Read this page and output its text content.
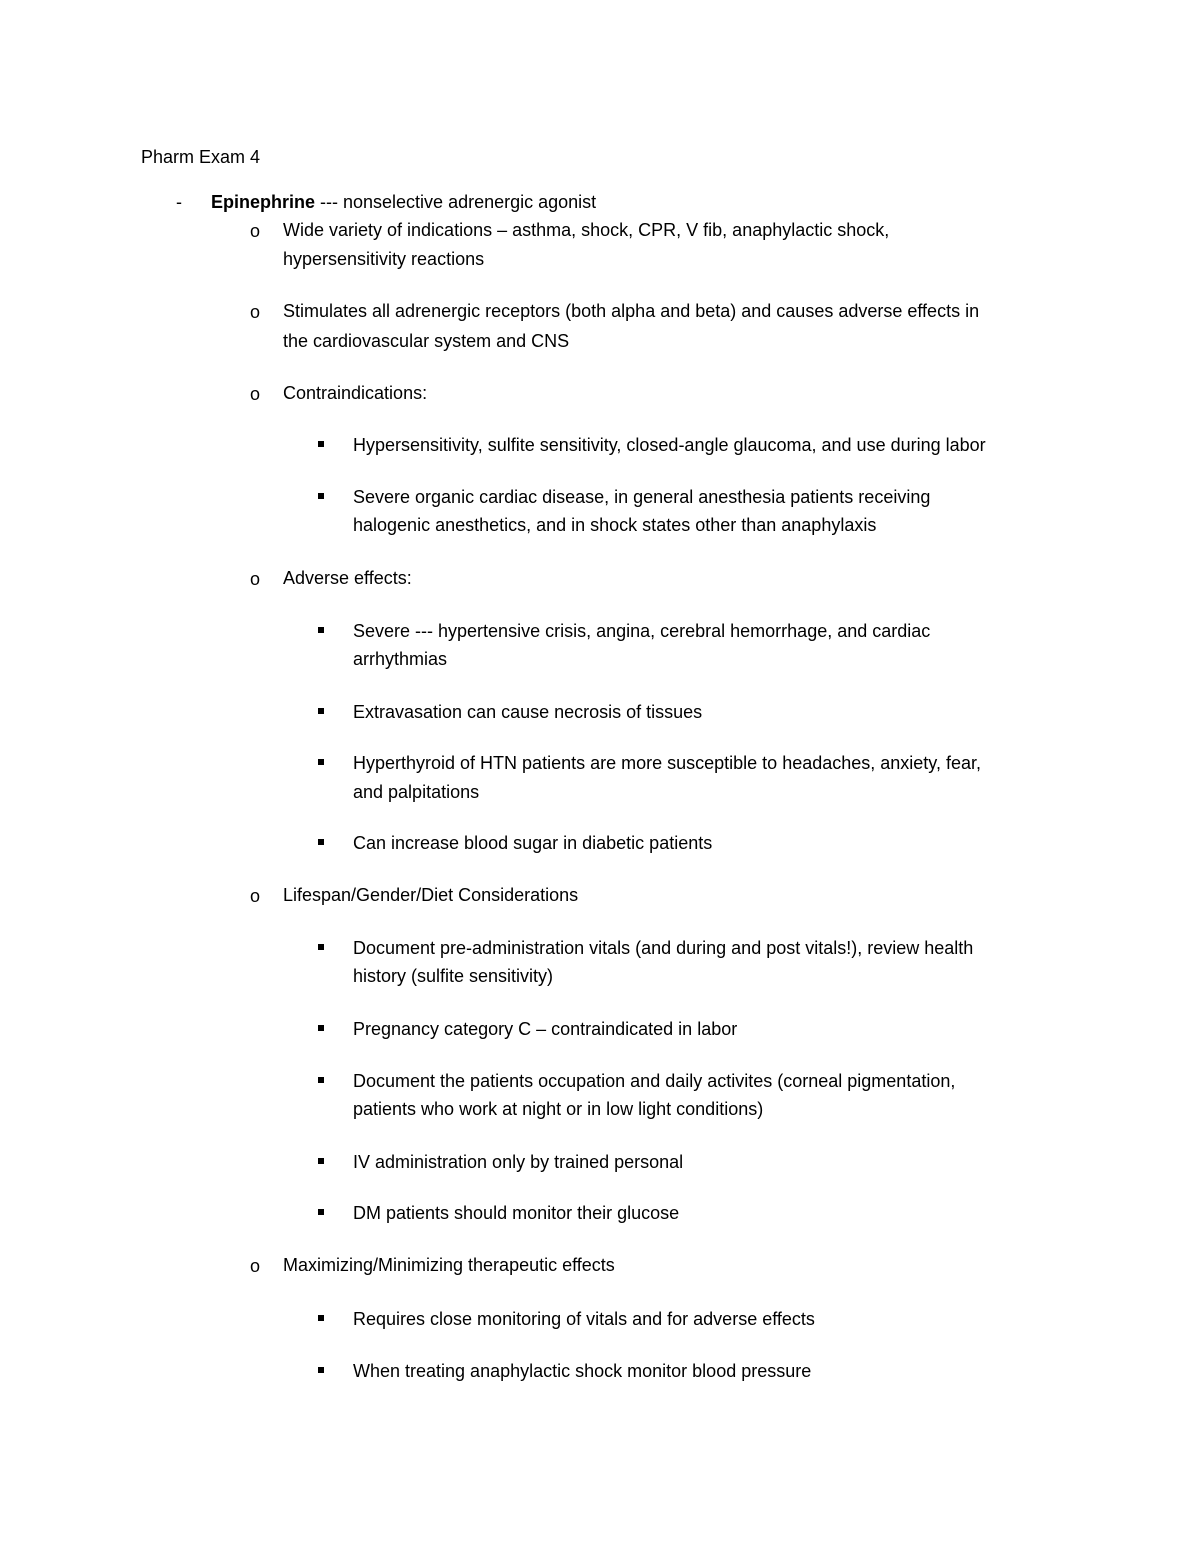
Pharm Exam 4
- Epinephrine --- nonselective adrenergic agonist
o Wide variety of indications – asthma, shock, CPR, V fib, anaphylactic shock,
hypersensitivity reactions
o Stimulates all adrenergic receptors (both alpha and beta) and causes adverse effects in
the cardiovascular system and CNS
o Contraindications:
Hypersensitivity, sulfite sensitivity, closed-angle glaucoma, and use during labor
Severe organic cardiac disease, in general anesthesia patients receiving
halogenic anesthetics, and in shock states other than anaphylaxis
o Adverse effects:
Severe --- hypertensive crisis, angina, cerebral hemorrhage, and cardiac
arrhythmias
Extravasation can cause necrosis of tissues
Hyperthyroid of HTN patients are more susceptible to headaches, anxiety, fear,
and palpitations
Can increase blood sugar in diabetic patients
o Lifespan/Gender/Diet Considerations
Document pre-administration vitals (and during and post vitals!), review health
history (sulfite sensitivity)
Pregnancy category C – contraindicated in labor
Document the patients occupation and daily activites (corneal pigmentation,
patients who work at night or in low light conditions)
IV administration only by trained personal
DM patients should monitor their glucose
o Maximizing/Minimizing therapeutic effects
Requires close monitoring of vitals and for adverse effects
When treating anaphylactic shock monitor blood pressure
